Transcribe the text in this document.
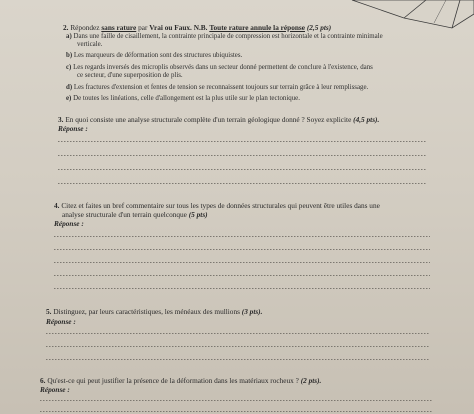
2. Répondez sans rature par Vrai ou Faux. N.B. Toute rature annule la réponse (2,5 pts)
a) Dans une faille de cisaillement, la contrainte principale de compression est horizontale et la contrainte minimale
verticale.
b) Les marqueurs de déformation sont des structures ubiquistes.
c) Les regards inversés des microplis observés dans un secteur donné permettent de conclure à l'existence, dans
ce secteur, d'une superposition de plis.
d) Les fractures d'extension et fentes de tension se reconnaissent toujours sur terrain grâce à leur remplissage.
e) De toutes les linéations, celle d'allongement est la plus utile sur le plan tectonique.
3. En quoi consiste une analyse structurale complète d'un terrain géologique donné ? Soyez explicite (4,5 pts).
Réponse :
4. Citez et faites un bref commentaire sur tous les types de données structurales qui peuvent être utiles dans une
analyse structurale d'un terrain quelconque (5 pts)
Réponse :
5. Distinguez, par leurs caractéristiques, les ménéaux des mullions (3 pts).
Réponse :
6. Qu'est-ce qui peut justifier la présence de la déformation dans les matériaux rocheux ? (2 pts).
Réponse :
